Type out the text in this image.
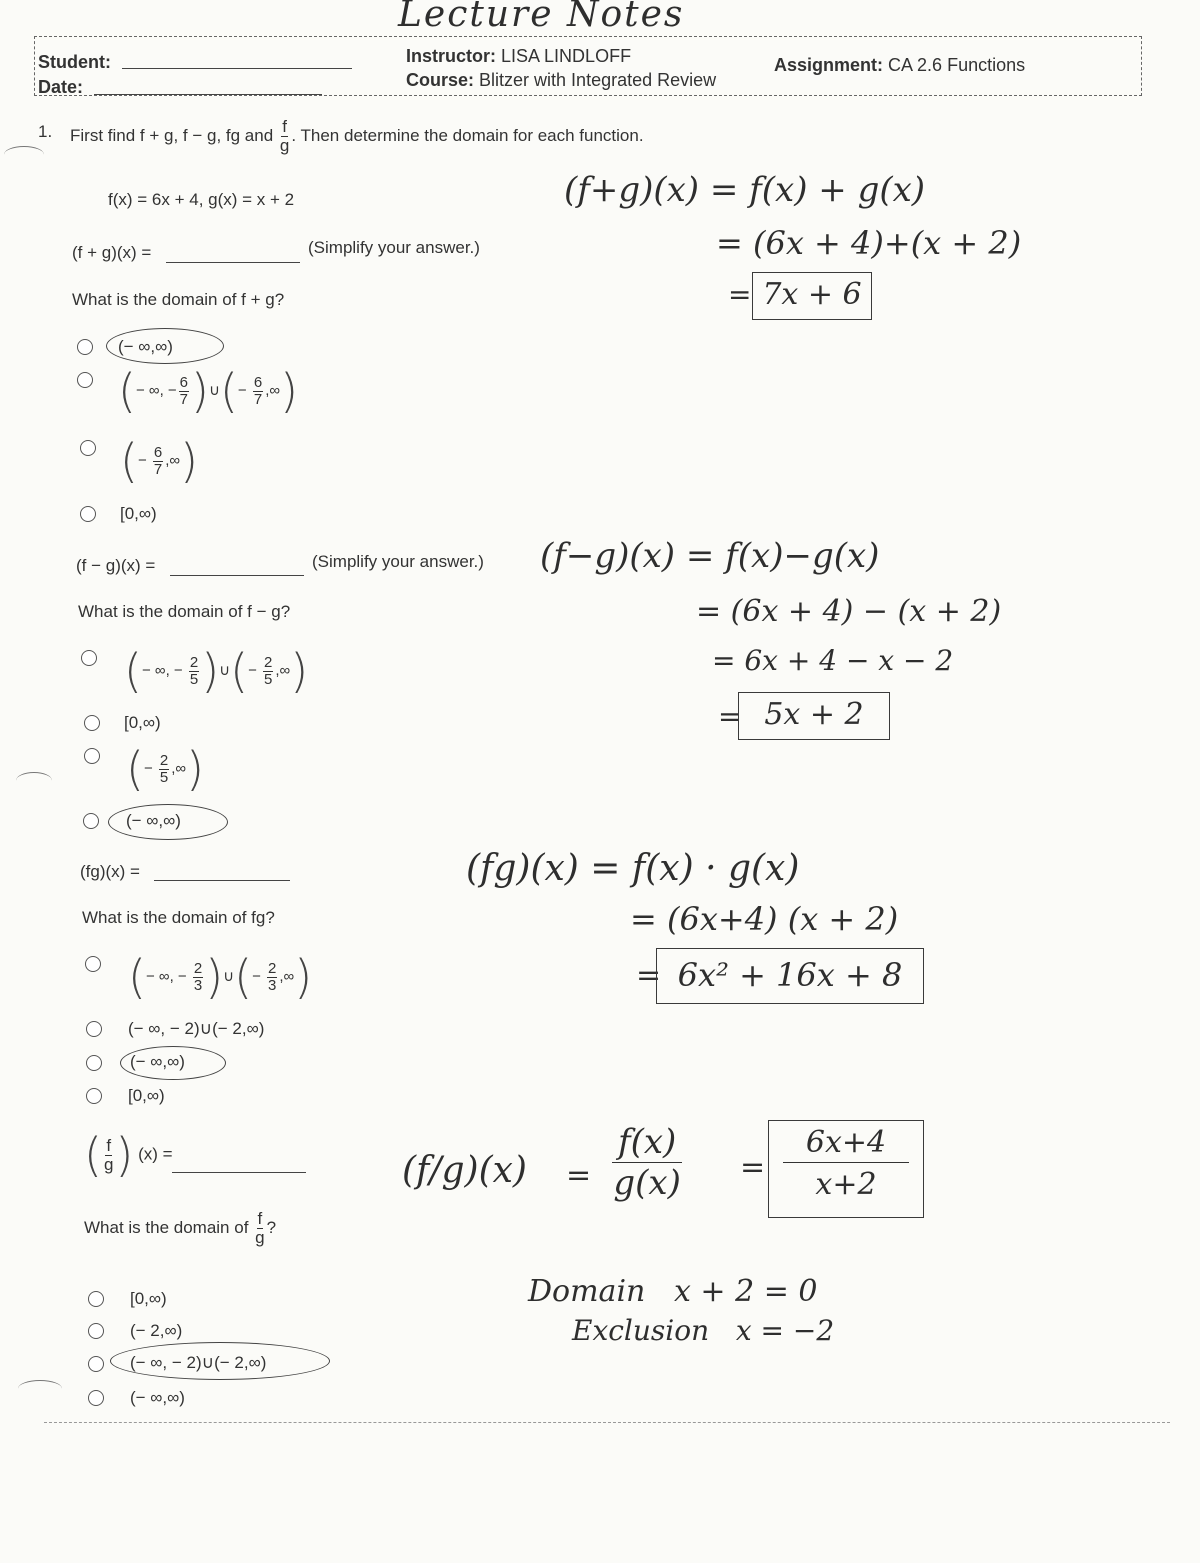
Lecture Notes
Student:
Date:
Instructor: LISA LINDLOFF
Course: Blitzer with Integrated Review
Assignment: CA 2.6 Functions
1. First find f + g, f − g, fg and $\frac{f}{g}$ . Then determine the domain for each function.
f(x) = 6x + 4, g(x) = x + 2
(f + g)(x) =	(Simplify your answer.)
What is the domain of f + g?
(− ∞,∞)
(− ∞, − $\frac{6}{7}$ )∪(− $\frac{6}{7}$ ,∞)
(− $\frac{6}{7}$ ,∞)
[0,∞)
(f+g)(x) = f(x) + g(x)
= (6x + 4)+(x + 2)
= 7x + 6
(f − g)(x) =	(Simplify your answer.)
What is the domain of f − g?
(− ∞, − $\frac{2}{5}$ )∪(− $\frac{2}{5}$ ,∞)
[0,∞)
(− $\frac{2}{5}$ ,∞)
(− ∞,∞)
(f−g)(x) = f(x)−g(x)
= (6x + 4) − (x + 2)
= 6x + 4 − x − 2
= 5x + 2
(fg)(x) =
What is the domain of fg?
(− ∞, − $\frac{2}{3}$ )∪(− $\frac{2}{3}$ ,∞)
(− ∞, − 2)∪(− 2,∞)
(− ∞,∞)
[0,∞)
(fg)(x) = f(x) · g(x)
= (6x+4) (x + 2)
= 6x² + 16x + 8
( $\frac{f}{g}$ ) (x) =
What is the domain of $\frac{f}{g}$ ?
[0,∞)
(− 2,∞)
(− ∞, − 2)∪(− 2,∞)
(− ∞,∞)
(f/g)(x) =
f(x)
g(x) =
6x+4
x+2
Domain   x + 2 = 0
Exclusion   x = −2
